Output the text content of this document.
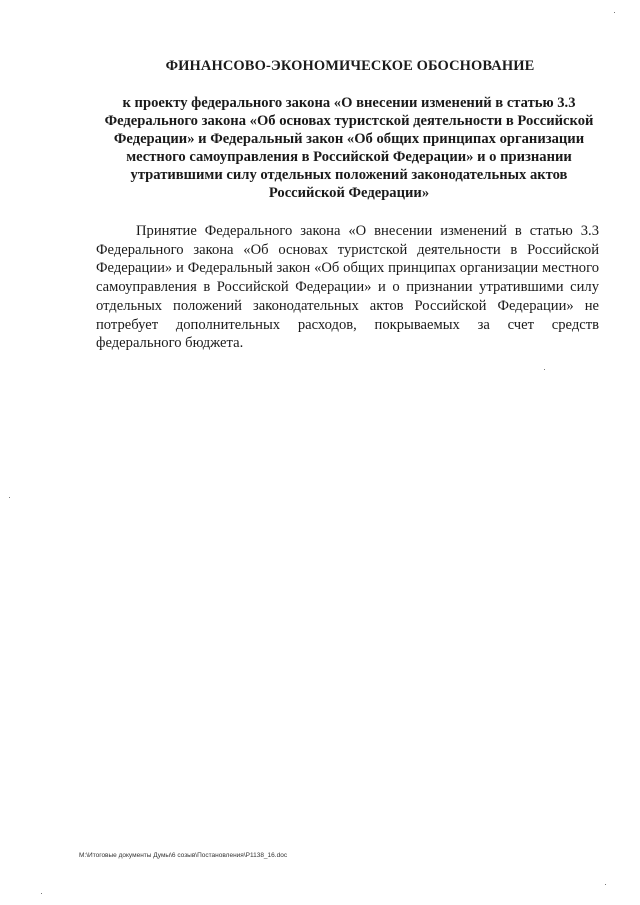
ФИНАНСОВО-ЭКОНОМИЧЕСКОЕ ОБОСНОВАНИЕ
к проекту федерального закона «О внесении изменений в статью 3.3 Федерального закона «Об основах туристской деятельности в Российской Федерации» и Федеральный закон «Об общих принципах организации местного самоуправления в Российской Федерации» и о признании утратившими силу отдельных положений законодательных актов Российской Федерации»
Принятие Федерального закона «О внесении изменений в статью 3.3 Федерального закона «Об основах туристской деятельности в Российской Федерации» и Федеральный закон «Об общих принципах организации местного самоуправления в Российской Федерации» и о признании утратившими силу отдельных положений законодательных актов Российской Федерации» не потребует дополнительных расходов, покрываемых за счет средств федерального бюджета.
M:\Итоговые документы Думы\6 созыв\Постановления\P1138_16.doc
